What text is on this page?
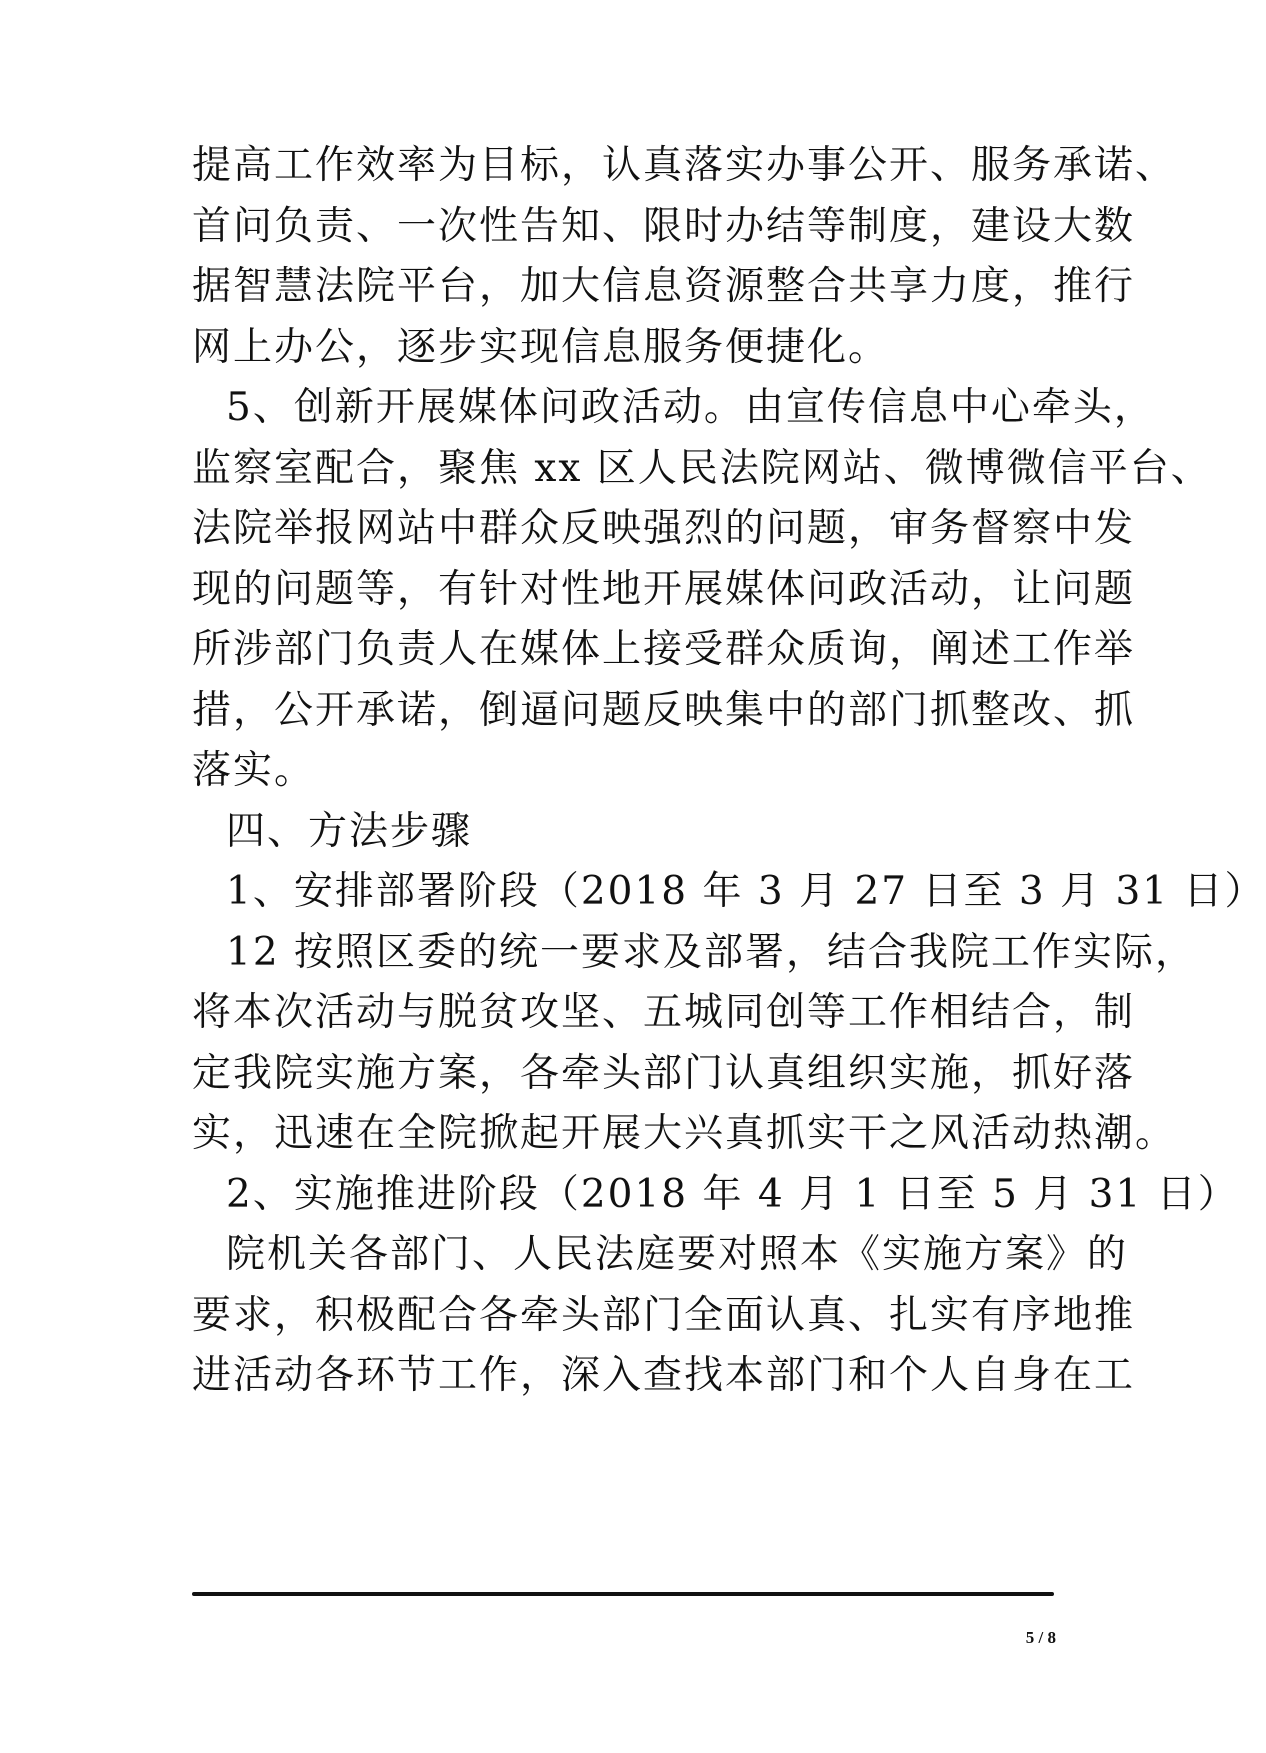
提高工作效率为目标，认真落实办事公开、服务承诺、
首问负责、一次性告知、限时办结等制度，建设大数
据智慧法院平台，加大信息资源整合共享力度，推行
网上办公，逐步实现信息服务便捷化。
5、创新开展媒体问政活动。由宣传信息中心牵头，
监察室配合，聚焦 xx 区人民法院网站、微博微信平台、
法院举报网站中群众反映强烈的问题，审务督察中发
现的问题等，有针对性地开展媒体问政活动，让问题
所涉部门负责人在媒体上接受群众质询，阐述工作举
措，公开承诺，倒逼问题反映集中的部门抓整改、抓
落实。
四、方法步骤
1、安排部署阶段（2018 年 3 月 27 日至 3 月 31 日）
12 按照区委的统一要求及部署，结合我院工作实际，
将本次活动与脱贫攻坚、五城同创等工作相结合，制
定我院实施方案，各牵头部门认真组织实施，抓好落
实，迅速在全院掀起开展大兴真抓实干之风活动热潮。
2、实施推进阶段（2018 年 4 月 1 日至 5 月 31 日）
院机关各部门、人民法庭要对照本《实施方案》的
要求，积极配合各牵头部门全面认真、扎实有序地推
进活动各环节工作，深入查找本部门和个人自身在工
5 / 8
